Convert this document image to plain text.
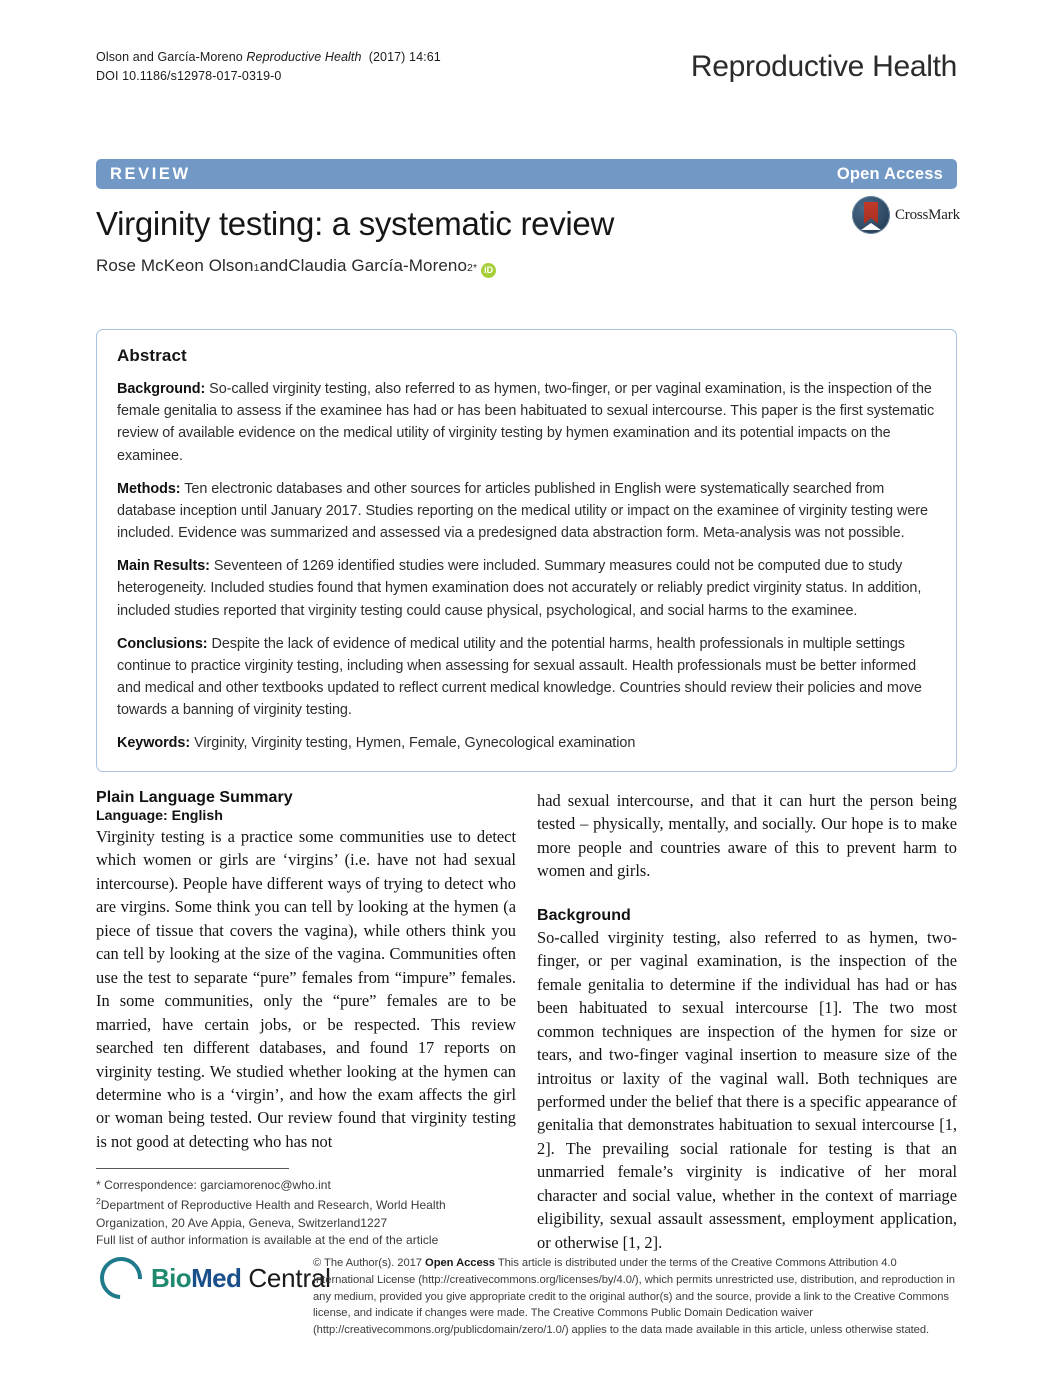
Olson and García-Moreno Reproductive Health  (2017) 14:61
DOI 10.1186/s12978-017-0319-0	Reproductive Health
REVIEW	Open Access
CrossMark
Virginity testing: a systematic review
Rose McKeon Olson 1 and Claudia García-Moreno 2* iD
Abstract

Background: So-called virginity testing, also referred to as hymen, two-finger, or per vaginal examination, is the inspection of the female genitalia to assess if the examinee has had or has been habituated to sexual intercourse. This paper is the first systematic review of available evidence on the medical utility of virginity testing by hymen examination and its potential impacts on the examinee.

Methods: Ten electronic databases and other sources for articles published in English were systematically searched from database inception until January 2017. Studies reporting on the medical utility or impact on the examinee of virginity testing were included. Evidence was summarized and assessed via a predesigned data abstraction form. Meta-analysis was not possible.

Main Results: Seventeen of 1269 identified studies were included. Summary measures could not be computed due to study heterogeneity. Included studies found that hymen examination does not accurately or reliably predict virginity status. In addition, included studies reported that virginity testing could cause physical, psychological, and social harms to the examinee.

Conclusions: Despite the lack of evidence of medical utility and the potential harms, health professionals in multiple settings continue to practice virginity testing, including when assessing for sexual assault. Health professionals must be better informed and medical and other textbooks updated to reflect current medical knowledge. Countries should review their policies and move towards a banning of virginity testing.

Keywords: Virginity, Virginity testing, Hymen, Female, Gynecological examination

Plain Language Summary
Language: English

Virginity testing is a practice some communities use to detect which women or girls are ‘virgins’ (i.e. have not had sexual intercourse). People have different ways of trying to detect who are virgins. Some think you can tell by looking at the hymen (a piece of tissue that covers the vagina), while others think you can tell by looking at the size of the vagina. Communities often use the test to separate “pure” females from “impure” females. In some communities, only the “pure” females are to be married, have certain jobs, or be respected. This review searched ten different databases, and found 17 reports on virginity testing. We studied whether looking at the hymen can determine who is a ‘virgin’, and how the exam affects the girl or woman being tested. Our review found that virginity testing is not good at detecting who has not

had sexual intercourse, and that it can hurt the person being tested – physically, mentally, and socially. Our hope is to make more people and countries aware of this to prevent harm to women and girls.

Background

So-called virginity testing, also referred to as hymen, two-finger, or per vaginal examination, is the inspection of the female genitalia to determine if the individual has had or has been habituated to sexual intercourse [1]. The two most common techniques are inspection of the hymen for size or tears, and two-finger vaginal insertion to measure size of the introitus or laxity of the vaginal wall. Both techniques are performed under the belief that there is a specific appearance of genitalia that demonstrates habituation to sexual intercourse [1, 2]. The prevailing social rationale for testing is that an unmarried female’s virginity is indicative of her moral character and social value, whether in the context of marriage eligibility, sexual assault assessment, employment application, or otherwise [1, 2].

* Correspondence: garciamorenoc@who.int
$^2$Department of Reproductive Health and Research, World Health Organization, 20 Ave Appia, Geneva, Switzerland1227
Full list of author information is available at the end of the article
BioMed Central
© The Author(s). 2017 Open Access This article is distributed under the terms of the Creative Commons Attribution 4.0 International License (http://creativecommons.org/licenses/by/4.0/), which permits unrestricted use, distribution, and reproduction in any medium, provided you give appropriate credit to the original author(s) and the source, provide a link to the Creative Commons license, and indicate if changes were made. The Creative Commons Public Domain Dedication waiver (http://creativecommons.org/publicdomain/zero/1.0/) applies to the data made available in this article, unless otherwise stated.
